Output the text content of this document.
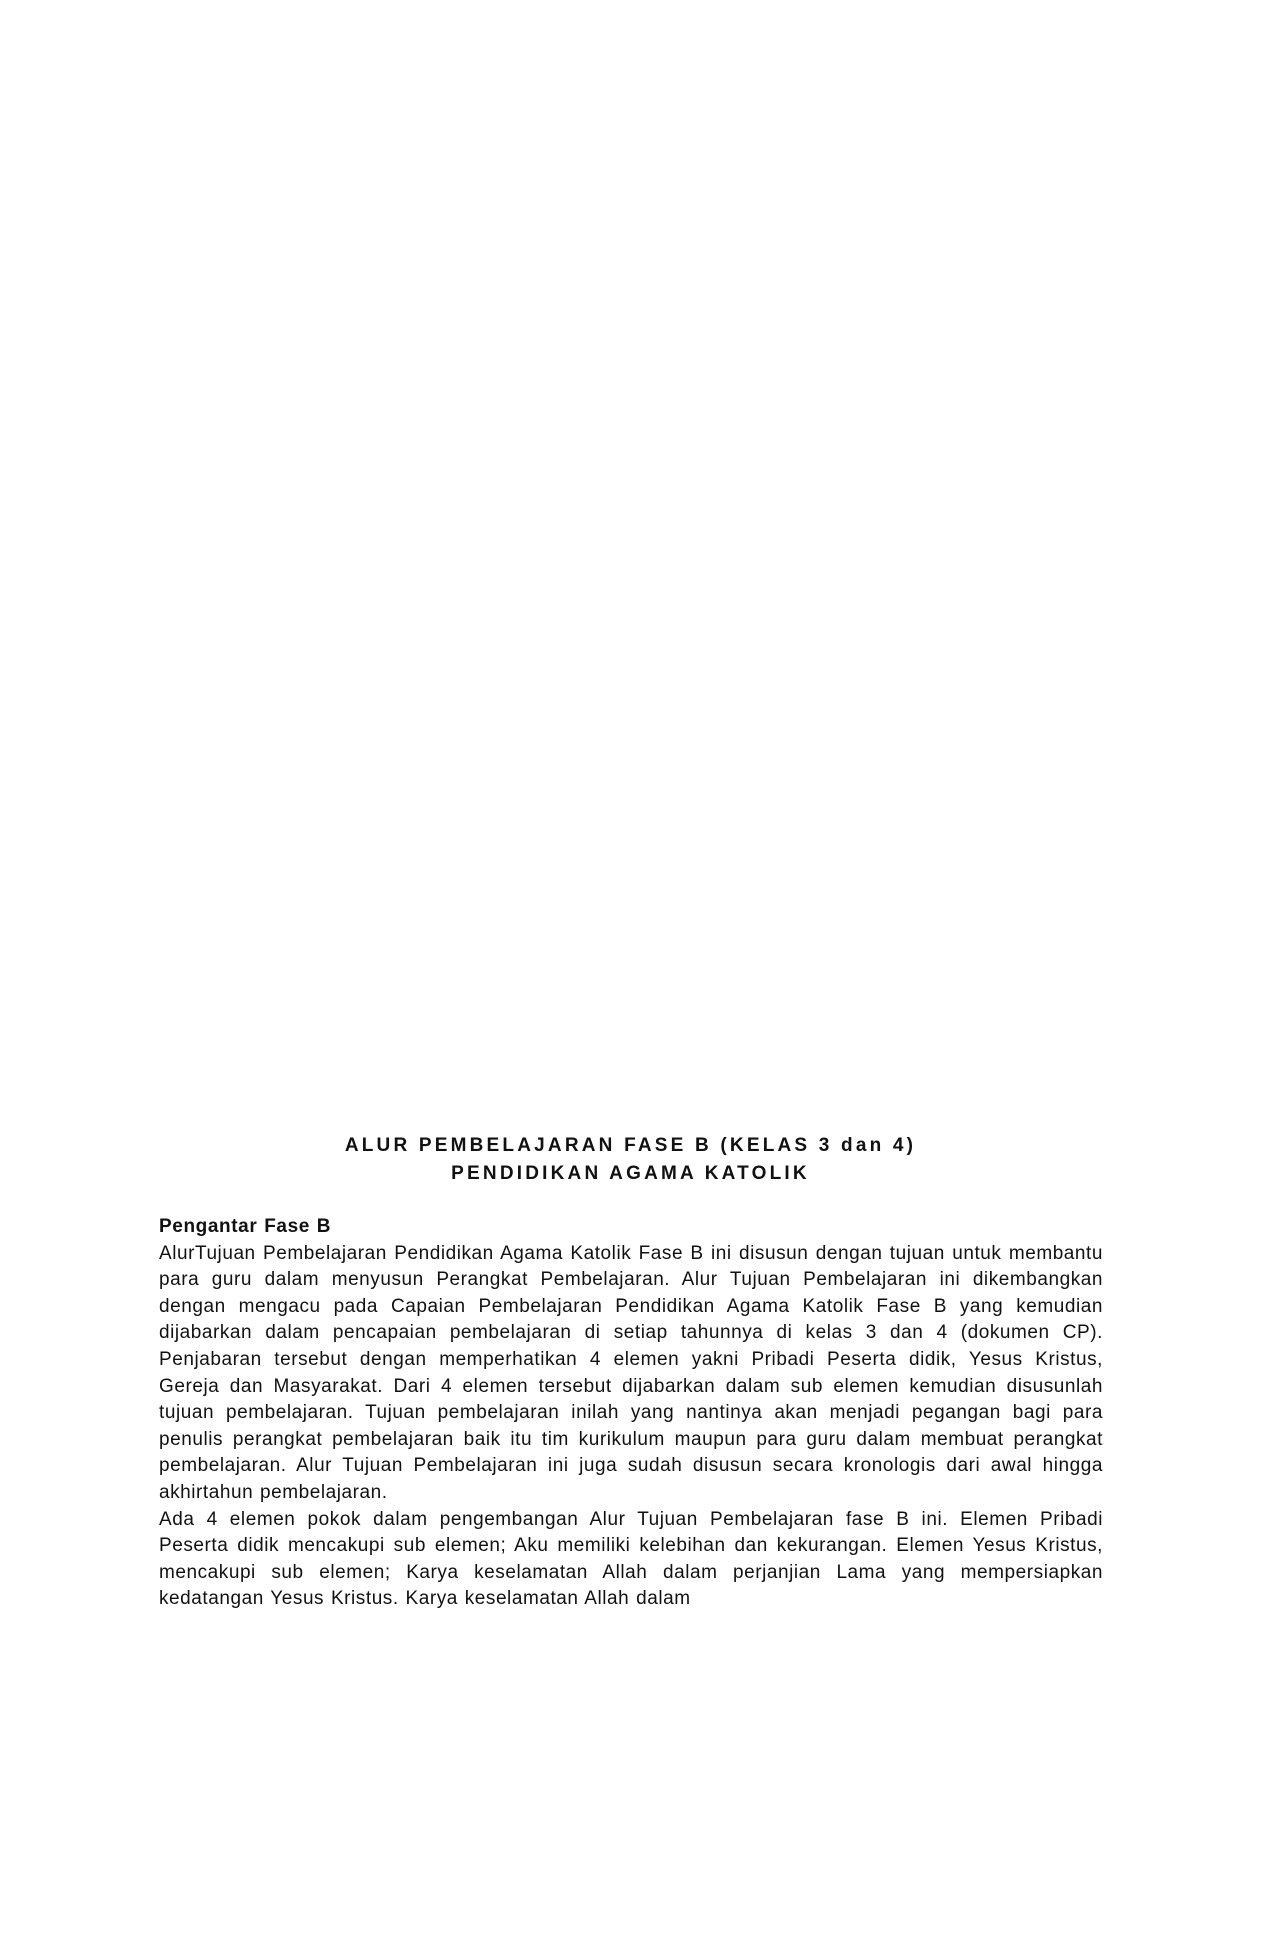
ALUR PEMBELAJARAN FASE B (KELAS 3 dan 4)

PENDIDIKAN AGAMA KATOLIK

Pengantar Fase B

AlurTujuan Pembelajaran Pendidikan Agama Katolik Fase B ini disusun dengan tujuan untuk membantu para guru dalam menyusun Perangkat Pembelajaran. Alur Tujuan Pembelajaran ini dikembangkan dengan mengacu pada Capaian Pembelajaran Pendidikan Agama Katolik Fase B yang kemudian dijabarkan dalam pencapaian pembelajaran di setiap tahunnya di kelas 3 dan 4 (dokumen CP). Penjabaran tersebut dengan memperhatikan 4 elemen yakni Pribadi Peserta didik, Yesus Kristus, Gereja dan Masyarakat. Dari 4 elemen tersebut dijabarkan dalam sub elemen kemudian disusunlah tujuan pembelajaran. Tujuan pembelajaran inilah yang nantinya akan menjadi pegangan bagi para penulis perangkat pembelajaran baik itu tim kurikulum maupun para guru dalam membuat perangkat pembelajaran. Alur Tujuan Pembelajaran ini juga sudah disusun secara kronologis dari awal hingga akhirtahun pembelajaran.

Ada 4 elemen pokok dalam pengembangan Alur Tujuan Pembelajaran fase B ini. Elemen Pribadi Peserta didik mencakupi sub elemen; Aku memiliki kelebihan dan kekurangan. Elemen Yesus Kristus, mencakupi sub elemen; Karya keselamatan Allah dalam perjanjian Lama yang mempersiapkan kedatangan Yesus Kristus. Karya keselamatan Allah dalam
